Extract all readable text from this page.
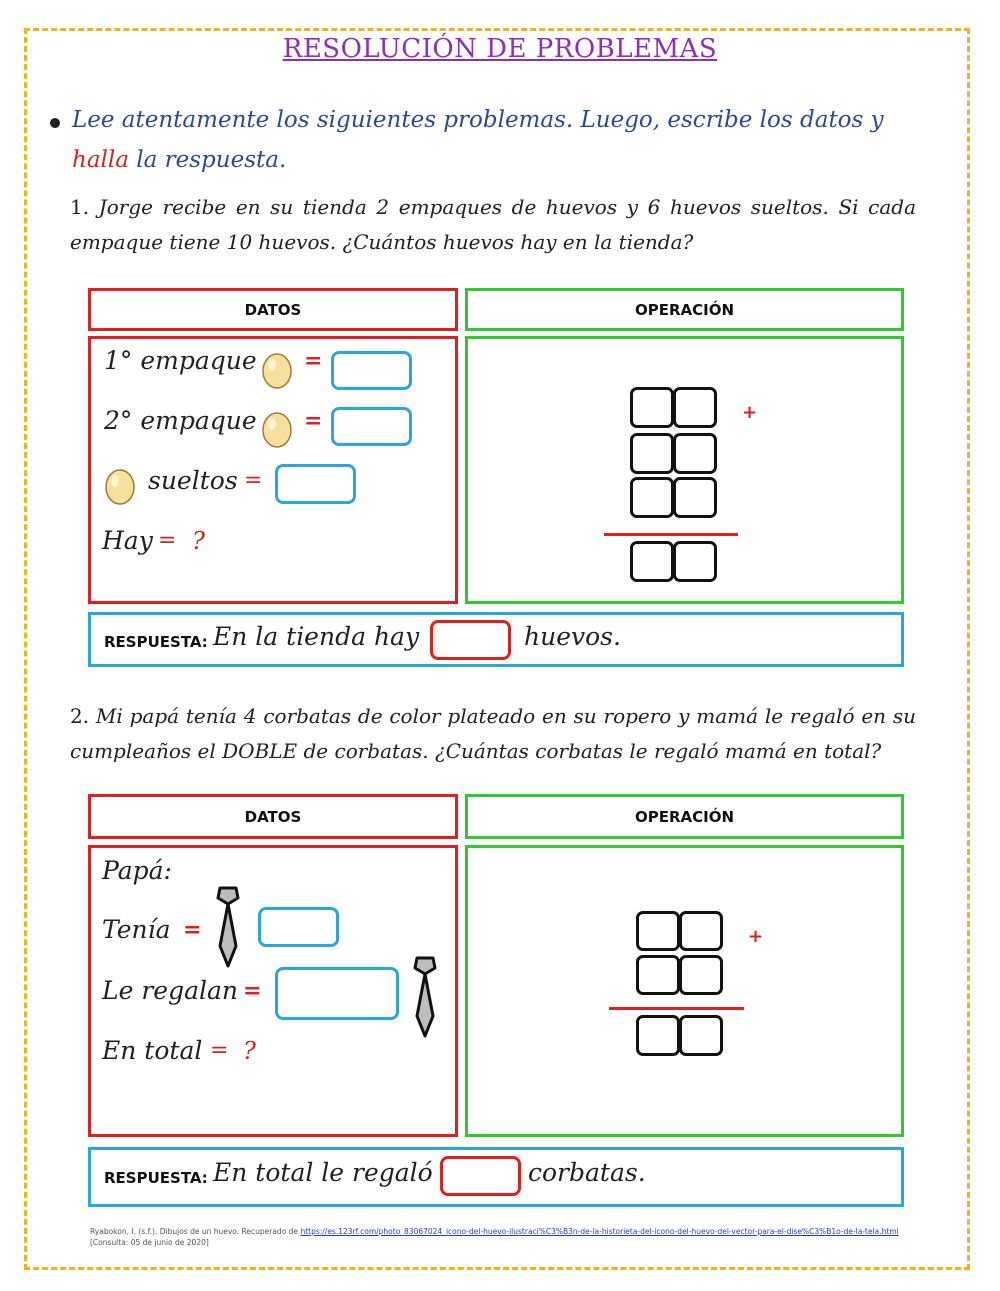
RESOLUCIÓN DE PROBLEMAS
Lee atentamente los siguientes problemas. Luego, escribe los datos y halla la respuesta.
1. Jorge recibe en su tienda 2 empaques de huevos y 6 huevos sueltos. Si cada empaque tiene 10 huevos. ¿Cuántos huevos hay en la tienda?
DATOS	OPERACIÓN
1° empaque =
2° empaque =
sueltos =
Hay = ?
+
RESPUESTA: En la tienda hay	huevos.
2. Mi papá tenía 4 corbatas de color plateado en su ropero y mamá le regaló en su cumpleaños el DOBLE de corbatas. ¿Cuántas corbatas le regaló mamá en total?
DATOS	OPERACIÓN
Papá:
Tenía =
Le regalan =
En total = ?
+
RESPUESTA: En total le regaló	corbatas.
Ryabokon, I. (s.f.). Dibujos de un huevo. Recuperado de https://es.123rf.com/photo_83067024_icono-del-huevo-ilustraci%C3%B3n-de-la-historieta-del-icono-del-huevo-del-vector-para-el-dise%C3%B1o-de-la-tela.html
[Consulta: 05 de junio de 2020]
